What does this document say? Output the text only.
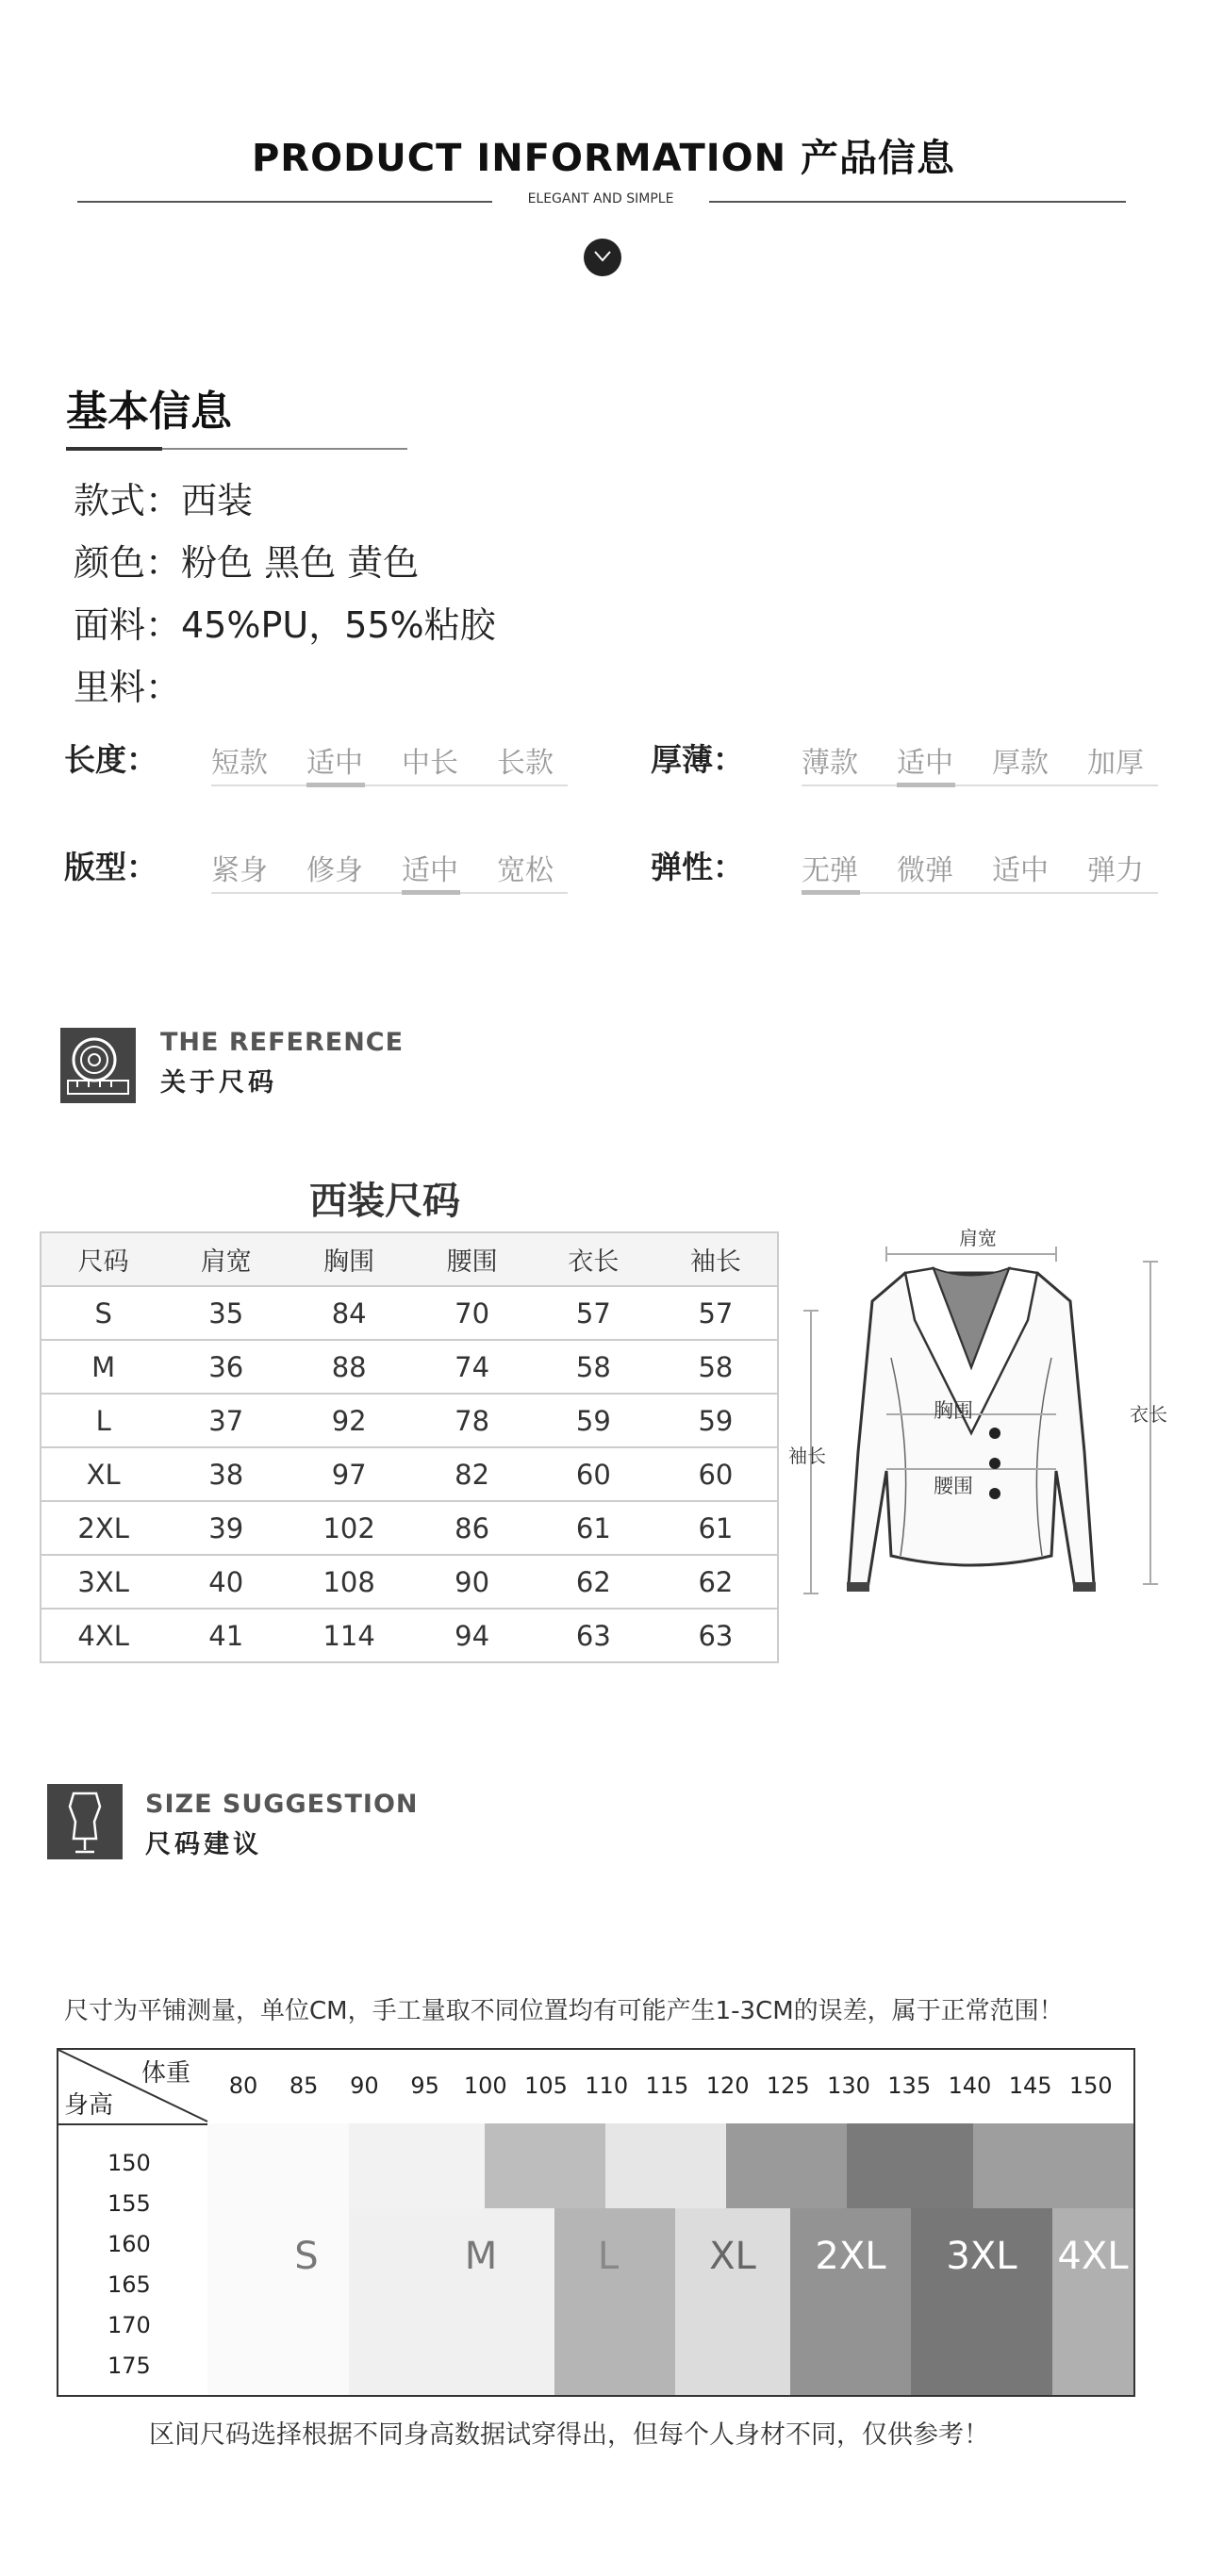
PRODUCT INFORMATION 产品信息
ELEGANT AND SIMPLE
基本信息
款式：西装
颜色：粉色 黑色 黄色
面料：45%PU，55%粘胶
里料：
长度： 短款 适中 中长 长款	厚薄： 薄款 适中 厚款 加厚
版型： 紧身 修身 适中 宽松	弹性： 无弹 微弹 适中 弹力
THE REFERENCE
关于尺码
西装尺码
尺码	肩宽	胸围	腰围	衣长	袖长
S	35	84	70	57	57
M	36	88	74	58	58
L	37	92	78	59	59
XL	38	97	82	60	60
2XL	39	102	86	61	61
3XL	40	108	90	62	62
4XL	41	114	94	63	63
肩宽
胸围
腰围
衣长
袖长
SIZE SUGGESTION
尺码建议
尺寸为平铺测量，单位CM，手工量取不同位置均有可能产生1-3CM的误差，属于正常范围！
体重
身高
80	85	90	95	100 105 110 115 120 125 130 135 140 145 150
150
155
160
165
170
175
S	M	L	XL	2XL	3XL	4XL
区间尺码选择根据不同身高数据试穿得出，但每个人身材不同，仅供参考！
